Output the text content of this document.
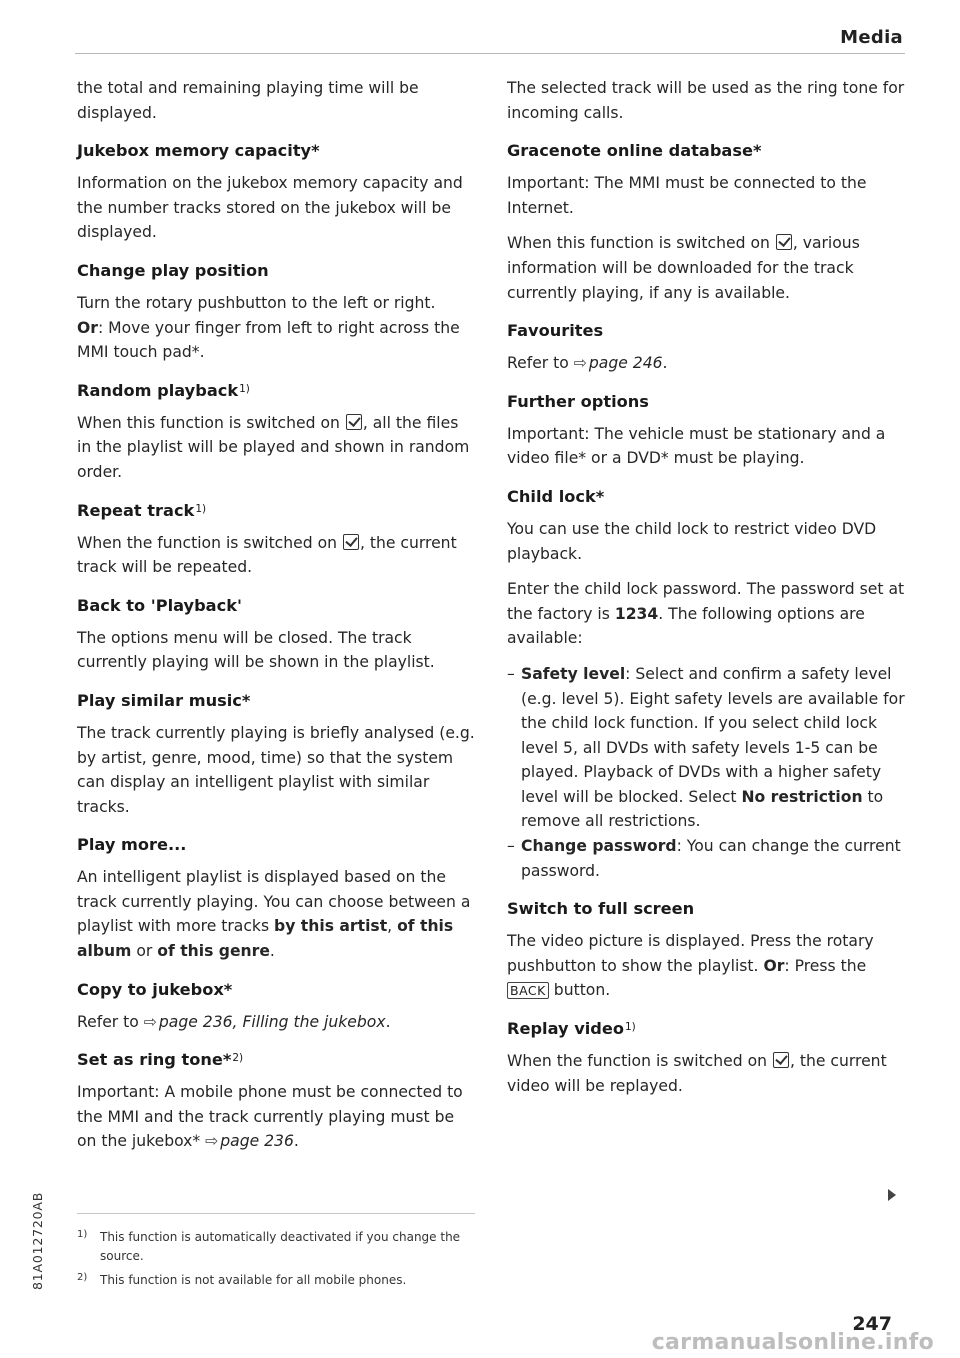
Media

the total and remaining playing time will be displayed.

Jukebox memory capacity*

Information on the jukebox memory capacity and the number tracks stored on the jukebox will be displayed.

Change play position

Turn the rotary pushbutton to the left or right.
Or: Move your finger from left to right across the MMI touch pad*.

Random playback$^{1)}$

When this function is switched on , all the files in the playlist will be played and shown in random order.

Repeat track$^{1)}$

When the function is switched on , the current track will be repeated.

Back to 'Playback'

The options menu will be closed. The track currently playing will be shown in the playlist.

Play similar music*

The track currently playing is briefly analysed (e.g. by artist, genre, mood, time) so that the system can display an intelligent playlist with similar tracks.

Play more...

An intelligent playlist is displayed based on the track currently playing. You can choose between a playlist with more tracks by this artist, of this album or of this genre.

Copy to jukebox*

Refer to ⇨ page 236, Filling the jukebox.

Set as ring tone*$^{2)}$

Important: A mobile phone must be connected to the MMI and the track currently playing must be on the jukebox* ⇨ page 236.

The selected track will be used as the ring tone for incoming calls.

Gracenote online database*

Important: The MMI must be connected to the Internet.

When this function is switched on , various information will be downloaded for the track currently playing, if any is available.

Favourites

Refer to ⇨ page 246.

Further options

Important: The vehicle must be stationary and a video file* or a DVD* must be playing.

Child lock*

You can use the child lock to restrict video DVD playback.

Enter the child lock password. The password set at the factory is 1234. The following options are available:

– Safety level: Select and confirm a safety level (e.g. level 5). Eight safety levels are available for the child lock function. If you select child lock level 5, all DVDs with safety levels 1-5 can be played. Playback of DVDs with a higher safety level will be blocked. Select No restriction to remove all restrictions.
– Change password: You can change the current password.
Switch to full screen

The video picture is displayed. Press the rotary pushbutton to show the playlist. Or: Press the BACK button.

Replay video$^{1)}$

When the function is switched on , the current video will be replayed.

1) This function is automatically deactivated if you change the source.
2) This function is not available for all mobile phones.
81A012720AB
247
carmanualsonline.info
